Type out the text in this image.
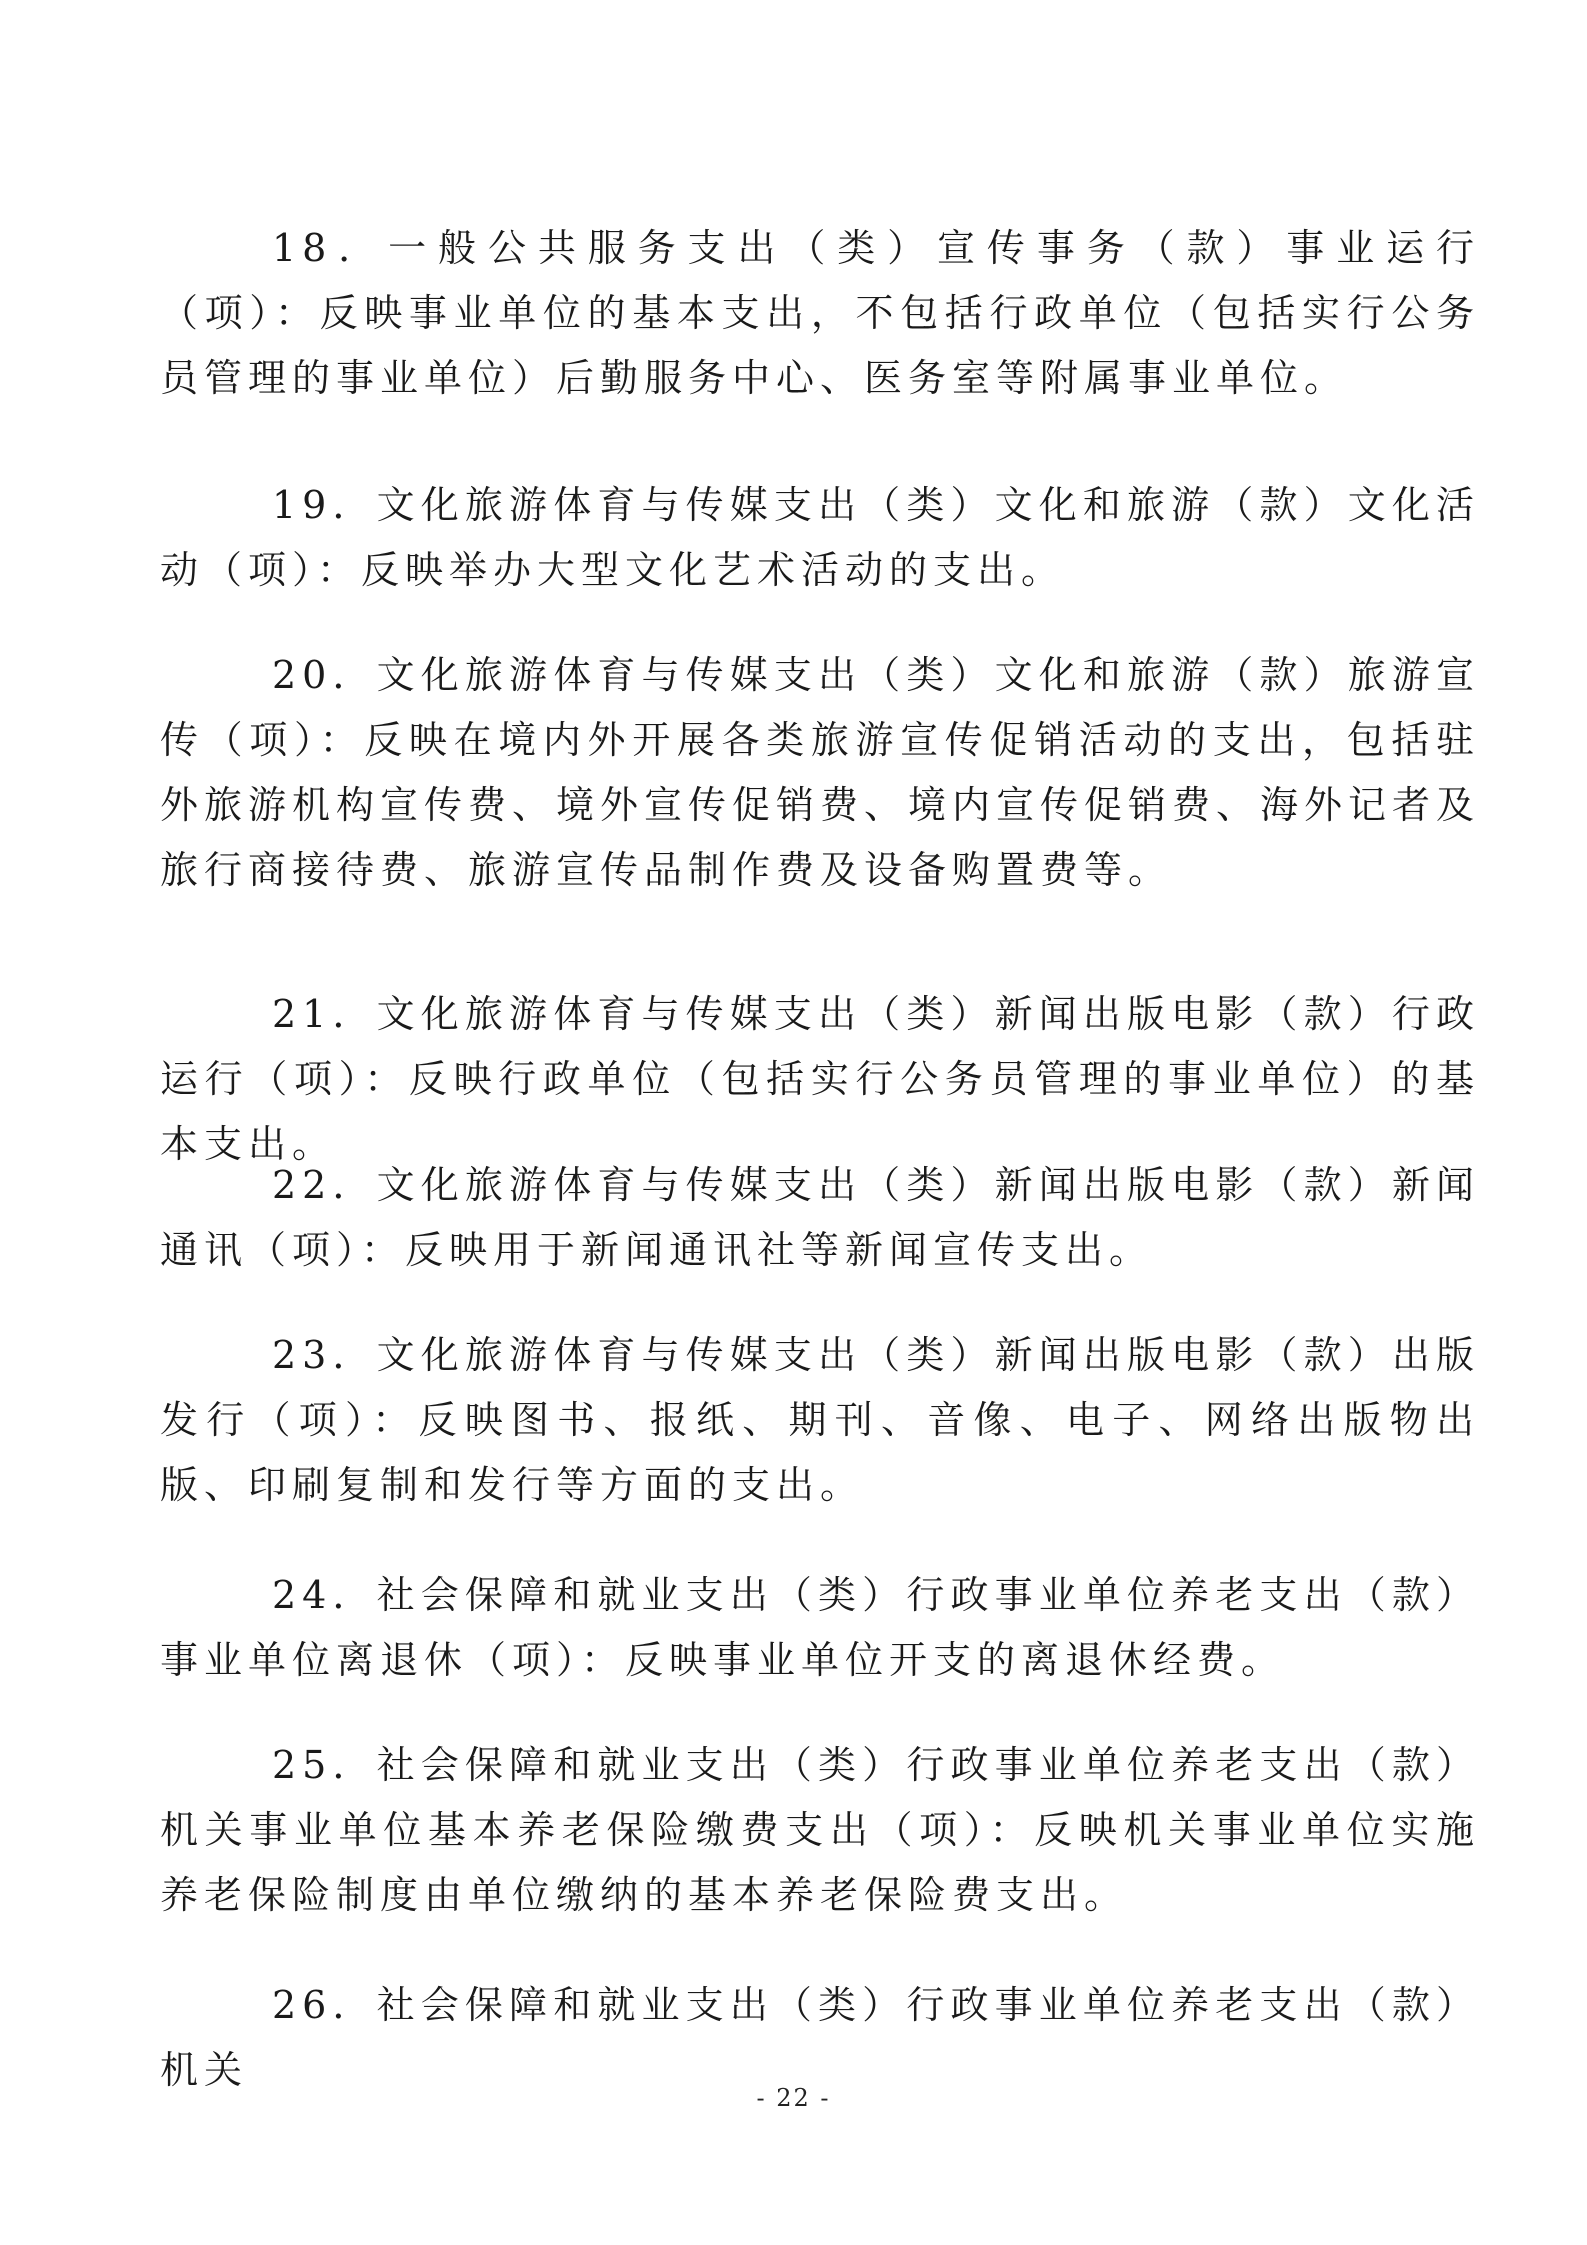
18．一般公共服务支出（类）宣传事务（款）事业运行（项）：反映事业单位的基本支出，不包括行政单位（包括实行公务 员管理的事业单位）后勤服务中心、医务室等附属事业单位。

19．文化旅游体育与传媒支出（类）文化和旅游（款）文化活动（项）：反映举办大型文化艺术活动的支出。

20．文化旅游体育与传媒支出（类）文化和旅游（款）旅游宣传（项）：反映在境内外开展各类旅游宣传促销活动的支出，包括驻外旅游机构宣传费、境外宣传促销费、境内宣传促销费、海外记者及旅行商接待费、旅游宣传品制作费及设备购置费等。

21．文化旅游体育与传媒支出（类）新闻出版电影（款）行政运行（项）：反映行政单位（包括实行公务员管理的事业单位）的基本支出。

22．文化旅游体育与传媒支出（类）新闻出版电影（款）新闻通讯（项）：反映用于新闻通讯社等新闻宣传支出。

23．文化旅游体育与传媒支出（类）新闻出版电影（款）出版发行（项）：反映图书、报纸、期刊、音像、电子、网络出版物出版、印刷复制和发行等方面的支出。

24．社会保障和就业支出（类）行政事业单位养老支出（款）事业单位离退休（项）：反映事业单位开支的离退休经费。

25．社会保障和就业支出（类）行政事业单位养老支出（款）机关事业单位基本养老保险缴费支出（项）：反映机关事业单位实施养老保险制度由单位缴纳的基本养老保险费支出。

26．社会保障和就业支出（类）行政事业单位养老支出（款）机关

- 22 -
